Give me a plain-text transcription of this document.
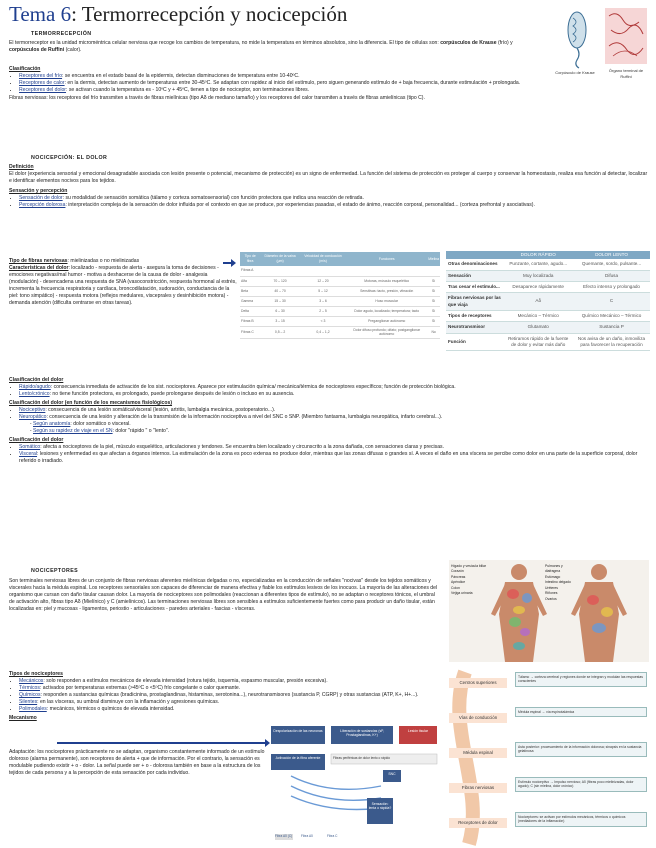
Tema 6: Termorrecepción y nocicepción
TERMORRECEPCIÓN
El termorreceptor es la unidad microméntrica celular nerviosa que recoge los cambios de temperatura, no mide la temperatura en términos absolutos, sino la diferencia. El tipo de células son: corpúsculos de Krause (frío) y corpúsculos de Ruffini (calor).
Clasificación
• Receptores del frío: se encuentra en el estado basal de la epidermis, detectan disminuciones de temperatura entre 10-40ºC.
• Receptores de calor: en la dermis, detectan aumento de temperaturas entre 30-45ºC. Se adaptan con rapidez al inicio del estímulo, pero siguen generando estímulo de + baja frecuencia, durante estimulación + prolongada.
• Receptores del dolor: se activan cuando la temperatura es - 10ºC y + 45ºC, tienen a tipo de nociceptor, son terminaciones libres.
Fibras nerviosas: los receptores del frío transmiten a través de fibras mielínicas (tipo Aδ de mediano tamaño) y los receptores del calor transmiten a través de fibras amielínicas (tipo C).
Corpúsculo de Krause	Órgano terminal de Ruffini
NOCICEPCIÓN: EL DOLOR
Definición
El dolor (experiencia sensorial y emocional desagradable asociada con lesión presente o potencial, mecanismo de protección) es un signo de enfermedad. La función del sistema de protección es proteger al cuerpo y conservar la homeostasis, realiza esa función al detectar, localizar e identificar elementos nocivos para los tejidos.
Sensación y percepción
• Sensación de dolor: su modalidad de sensación somática (tálamo y corteza somatosensorial) con función protectora que indica una reacción de retirada.
• Percepción dolorosa: interpretación compleja de la sensación de dolor influida por el contexto en que se produce, por experiencias pasadas, el estado de ánimo, reacción corporal, personalidad... (corteza prefrontal y asociativas).
Tipo de fibras nerviosas: mielinizadas o no mielinizadas
Características del dolor: localizado - respuesta de alerta - asegura la toma de decisiones - emociones negativas/mal humor - motiva a deshacerse de la causa de dolor - analgesia (modulación) - desencadena una respuesta de SNA (vasoconstricción, respuesta hormonal al estrés, incrementa la frecuencia respiratoria y cardíaca, broncodilatación, sudoración, conductancia de la piel: tono simpático) - respuesta motora (reflejos medulares, visceprales y desinhibición motora) - demanda atención (dificulta centrarse en otras tareas).
Tipo de fibra	Diámetro de la vaina (μm)	Velocidad de conducción (m/s)	Funciones	Mielina
Fibras A				
Alfa	70 – 120	12 – 20	Motoras, músculo esquelético	Sí
Beta	40 – 70	5 – 12	Sensitivas: tacto, presión, vibración	Sí
Gamma	15 – 30	3 – 6	Huso muscular	Sí
Delta	6 – 30	2 – 5	Dolor agudo, localizado; temperatura; tacto	Sí
Fibras B	3 – 15	< 3	Preganglionar autónomo	Sí
Fibras C	0,5 – 2	0,4 – 1,2	Dolor difuso profundo; olfato; postganglionar autónomo	No
	DOLOR RÁPIDO	DOLOR LENTO
Otras denominaciones	Punzante, cortante, agudo...	Quemante, sordo, pulsante...
Sensación	Muy localizada	Difusa
Tras cesar el estímulo...	Desaparece rápidamente	Efecto intenso y prolongado
Fibras nerviosas por las que viaja	Aδ	C
Tipos de receptores	Mecánico – Térmico	Químico Mecánico – Térmico
Neurotransmisor	Glutamato	Sustancia P
Función	Retiramos rápido de la fuente de dolor y evitar más daño	Nos avisa de un daño, inmoviliza para favorecer la recuperación
Clasificación del dolor
• Rápido/agudo: consecuencia inmediata de activación de los sist. nociceptores. Aparece por estimulación química/ mecánica/térmica de nociceptores específicos; función de protección biológica.
• Lento/crónico: no tiene función protectora, es prolongado, puede prolongarse después de lesión o incluso en su ausencia.
Clasificación del dolor (en función de los mecanismos fisiológicos)
• Nociceptivo: consecuencia de una lesión somática/visceral (lesión, artritis, lumbalgia mecánica, postoperatorio...).
• Neuropático: consecuencia de una lesión y alteración de la transmisión de la información nociceptiva a nivel del SNC o SNP. (Miembro fantasma, lumbalgia neuropática, infarto cerebral...).
- Según anatomía: dolor somático o visceral.
- Según su rapidez de viaje en el SN: dolor "rápido " o "lento".
Clasificación del dolor
• Somático: afecta a nociceptores de la piel, músculo esquelético, articulaciones y tendones. Se encuentra bien localizado y circunscrito a la zona dañada, con sensaciones claras y precisas.
• Visceral: lesiones y enfermedad es que afectan a órganos internos. La estimulación de la zona es poco extensa no produce dolor, mientras que las zonas difusas o grandes sí. A veces el daño en una víscera se percibe como dolor en una parte de la superficie corporal, dolor referido o irradiado.
NOCICEPTORES
Son terminales nerviosas libres de un conjunto de fibras nerviosas aferentes mielínicas delgadas o no, especializadas en la conducción de señales "nocivas" desde los tejidos somáticos y viscerales hacia la médula espinal. Los receptores sensoriales son capaces de diferenciar de manera efectiva y fiable los estímulos lesivos de los inocuos. La mayoría de las alteraciones del organismo que cursan con daño tisular causan dolor. La mayoría de nociceptores son polimodales (reaccionan a diferentes tipos de estímulo), no se adaptan o receptores tónicos, el umbral de activación alto, fibras tipo Aδ (Mielínico) y C (amielínicos). Las terminaciones nerviosas libres son sensibles a estímulos suficientemente fuertes como para producir un daño tisular, están localizadas en: piel y mucosas - ligamentos, periostio - articulaciones - paredes arteriales - fascias - vísceras.
Hígado y vesícula biliar
Corazón
Páncreas
Apéndice
Colon
Vejiga urinaria
Pulmones y diafragma
Estómago
Intestino delgado
Uréteres
Riñones
Ovarios
Tipos de nociceptores
• Mecánicos: solo responden a estímulos mecánicos de elevada intensidad (rotura tejido, isquemia, espasmo muscular, presión excesiva).
• Térmicos: activados por temperaturas extremas (>45ºC o <5ºC) frío congelante o calor quemante.
• Químicos: responden a sustancias químicas (bradicinina, prostaglandinas, histaminas, serotonina...), neurotransmisores (sustancia P, CGRP) y otras sustancias (ATP, K+, H+...).
• Silentes: en las vísceras, su umbral disminuye con la inflamación y agresiones químicas.
• Polimodales: mecánicos, térmicos o químicos de elevada intensidad.
Mecanismo
Adaptación: los nociceptores prácticamente no se adaptan, organismo constantemente informado de un estímulo doloroso (alarma permanente), son receptores de alerta + que de información. Por el contrario, la sensación es modulable pudiendo existir + o - dolor. La señal puede ser + o - dolorosa también en base a la estructura de los tejidos de cada persona y a la percepción de esta sensación por cada individuo.
Despolarización de las neuronas	Liberación de sustancias (sP, Prostaglandinas, K+)
Lesión tisular
Activación de la fibra aferente
SNC
Sensación: lenta o rápida?
Fibras periféricas de dolor lento o rápido
Fibra Aδ (C)	Fibra Aδ	Fibra C
Centros superiores
Tálamo → corteza cerebral y regiones donde se integran y modulan las respuestas conscientes
Vías de conducción
Médula espinal → vía espinotalámica
Médula espinal
Asta posterior: procesamiento de la información dolorosa; sinapsis en la sustancia gelatinosa
Fibras nerviosas
Estímulo nociceptivo → Impulso nervioso; Aδ (fibras poco mielinizadas, dolor agudo); C (sin mielina, dolor crónico)
Receptores de dolor
Nociceptores: se activan por estímulos mecánicos, térmicos o químicos (mediadores de la inflamación)
